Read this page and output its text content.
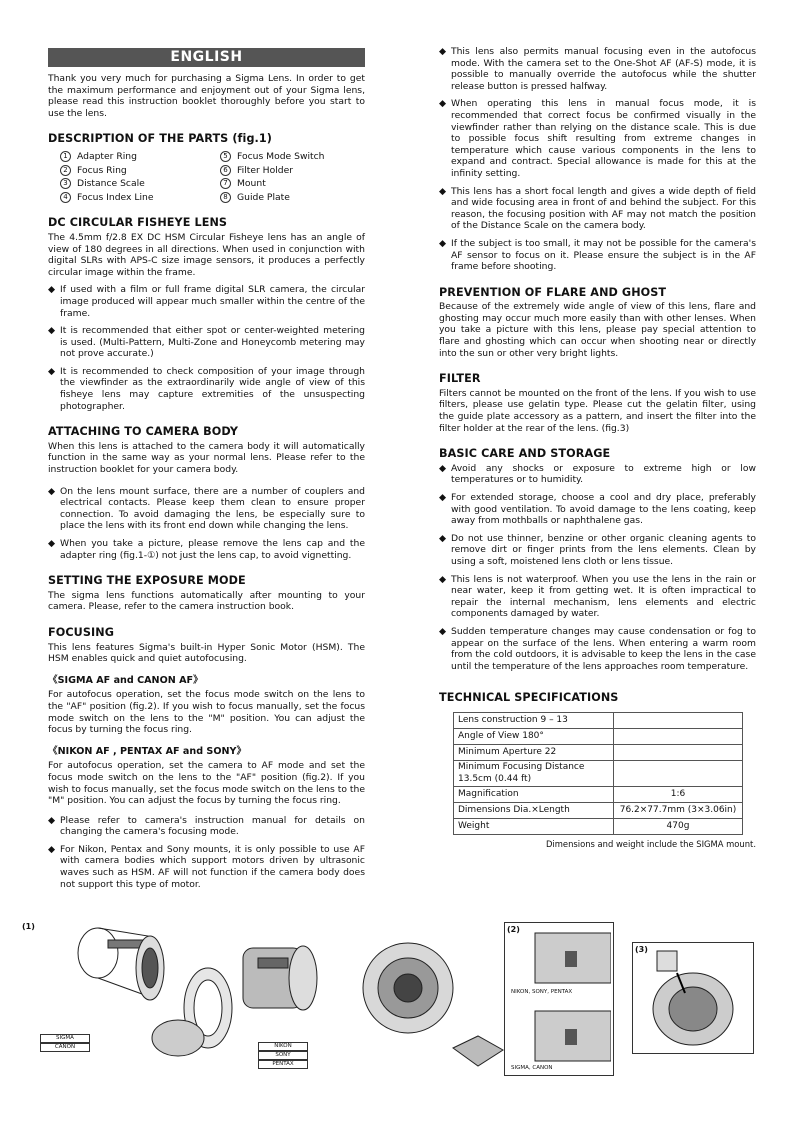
ENGLISH

Thank you very much for purchasing a Sigma Lens. In order to get the maximum performance and enjoyment out of your Sigma lens, please read this instruction booklet thoroughly before you start to use the lens.

DESCRIPTION OF THE PARTS (fig.1)
1 Adapter Ring	5 Focus Mode Switch
2 Focus Ring	6 Filter Holder
3 Distance Scale	7 Mount
4 Focus Index Line	8 Guide Plate
DC CIRCULAR FISHEYE LENS

The 4.5mm f/2.8 EX DC HSM Circular Fisheye lens has an angle of view of 180 degrees in all directions. When used in conjunction with digital SLRs with APS-C size image sensors, it produces a perfectly circular image within the frame.

◆ If used with a film or full frame digital SLR camera, the circular image produced will appear much smaller within the centre of the frame.
◆ It is recommended that either spot or center-weighted metering is used. (Multi-Pattern, Multi-Zone and Honeycomb metering may not prove accurate.)
◆ It is recommended to check composition of your image through the viewfinder as the extraordinarily wide angle of view of this fisheye lens may capture extremities of the unsuspecting photographer.
ATTACHING TO CAMERA BODY

When this lens is attached to the camera body it will automatically function in the same way as your normal lens. Please refer to the instruction booklet for your camera body.

◆ On the lens mount surface, there are a number of couplers and electrical contacts. Please keep them clean to ensure proper connection. To avoid damaging the lens, be especially sure to place the lens with its front end down while changing the lens.
◆ When you take a picture, please remove the lens cap and the adapter ring (fig.1-①) not just the lens cap, to avoid vignetting.
SETTING THE EXPOSURE MODE

The sigma lens functions automatically after mounting to your camera. Please, refer to the camera instruction book.

FOCUSING

This lens features Sigma's built-in Hyper Sonic Motor (HSM). The HSM enables quick and quiet autofocusing.

《SIGMA AF and CANON AF》

For autofocus operation, set the focus mode switch on the lens to the "AF" position (fig.2). If you wish to focus manually, set the focus mode switch on the lens to the "M" position. You can adjust the focus by turning the focus ring.

《NIKON AF , PENTAX AF and SONY》

For autofocus operation, set the camera to AF mode and set the focus mode switch on the lens to the "AF" position (fig.2). If you wish to focus manually, set the focus mode switch on the lens to the "M" position. You can adjust the focus by turning the focus ring.

◆ Please refer to camera's instruction manual for details on changing the camera's focusing mode.
◆ For Nikon, Pentax and Sony mounts, it is only possible to use AF with camera bodies which support motors driven by ultrasonic waves such as HSM. AF will not function if the camera body does not support this type of motor.
◆ This lens also permits manual focusing even in the autofocus mode. With the camera set to the One-Shot AF (AF-S) mode, it is possible to manually override the autofocus while the shutter release button is pressed halfway.
◆ When operating this lens in manual focus mode, it is recommended that correct focus be confirmed visually in the viewfinder rather than relying on the distance scale. This is due to possible focus shift resulting from extreme changes in temperature which cause various components in the lens to expand and contract. Special allowance is made for this at the infinity setting.
◆ This lens has a short focal length and gives a wide depth of field and wide focusing area in front of and behind the subject. For this reason, the focusing position with AF may not match the position of the Distance Scale on the camera body.
◆ If the subject is too small, it may not be possible for the camera's AF sensor to focus on it. Please ensure the subject is in the AF frame before shooting.
PREVENTION OF FLARE AND GHOST

Because of the extremely wide angle of view of this lens, flare and ghosting may occur much more easily than with other lenses. When you take a picture with this lens, please pay special attention to flare and ghosting which can occur when shooting near or directly into the sun or other very bright lights.

FILTER

Filters cannot be mounted on the front of the lens. If you wish to use filters, please use gelatin type. Please cut the gelatin filter, using the guide plate accessory as a pattern, and insert the filter into the filter holder at the rear of the lens. (fig.3)

BASIC CARE AND STORAGE
◆ Avoid any shocks or exposure to extreme high or low temperatures or to humidity.
◆ For extended storage, choose a cool and dry place, preferably with good ventilation. To avoid damage to the lens coating, keep away from mothballs or naphthalene gas.
◆ Do not use thinner, benzine or other organic cleaning agents to remove dirt or finger prints from the lens elements. Clean by using a soft, moistened lens cloth or lens tissue.
◆ This lens is not waterproof. When you use the lens in the rain or near water, keep it from getting wet. It is often impractical to repair the internal mechanism, lens elements and electric components damaged by water.
◆ Sudden temperature changes may cause condensation or fog to appear on the surface of the lens. When entering a warm room from the cold outdoors, it is advisable to keep the lens in the case until the temperature of the lens approaches room temperature.
TECHNICAL SPECIFICATIONS
Lens construction 9 – 13	
Angle of View 180°	
Minimum Aperture 22	
Minimum Focusing Distance 13.5cm (0.44 ft)	
Magnification	1:6
Dimensions Dia.×Length	76.2×77.7mm (3×3.06in)
Weight	470g
Dimensions and weight include the SIGMA mount.
(1)
SIGMA
CANON	NIKON
SONY
PENTAX
(2)
NIKON, SONY, PENTAX
SIGMA, CANON
(3)
